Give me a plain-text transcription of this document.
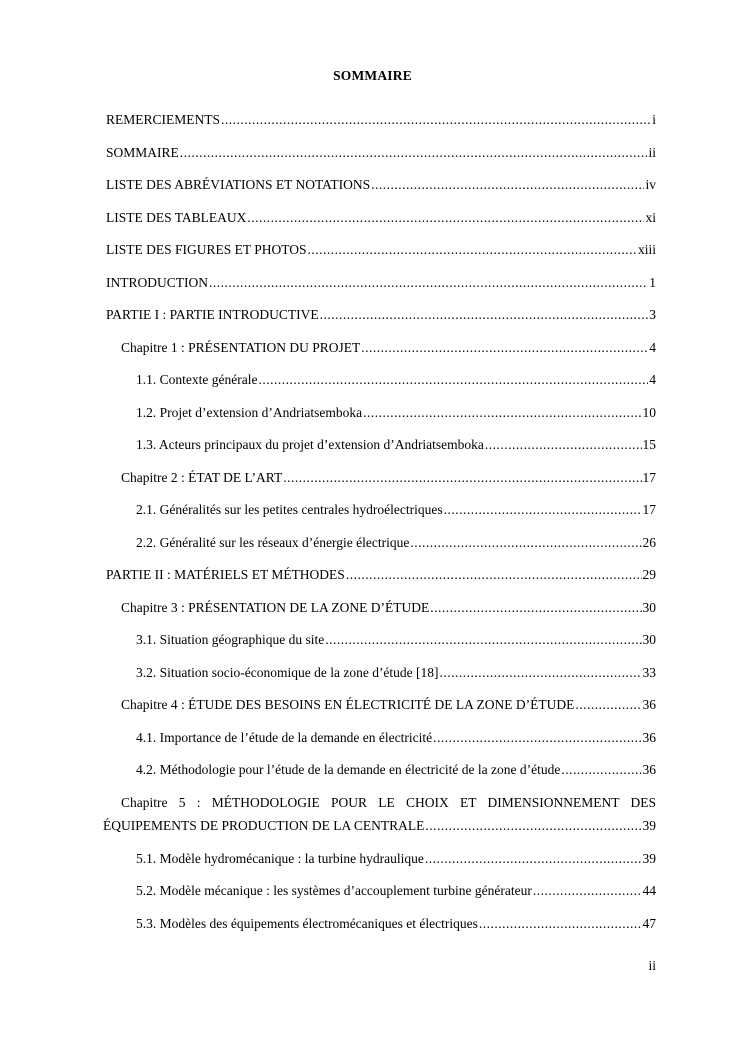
SOMMAIRE
REMERCIEMENTS .....	i
SOMMAIRE .....	ii
LISTE DES ABRÉVIATIONS ET NOTATIONS .....	iv
LISTE DES TABLEAUX .....	xi
LISTE DES FIGURES ET PHOTOS .....	xiii
INTRODUCTION .....	1
PARTIE I : PARTIE INTRODUCTIVE .....	3
Chapitre 1 : PRÉSENTATION DU PROJET .....	4
1.1. Contexte générale .....	4
1.2. Projet d’extension d’Andriatsemboka .....	10
1.3. Acteurs principaux du projet d’extension d’Andriatsemboka .....	15
Chapitre 2 : ÉTAT DE L’ART .....	17
2.1. Généralités sur les petites centrales hydroélectriques .....	17
2.2. Généralité sur les réseaux d’énergie électrique .....	26
PARTIE II : MATÉRIELS ET MÉTHODES .....	29
Chapitre 3 : PRÉSENTATION DE LA ZONE D’ÉTUDE .....	30
3.1. Situation géographique du site .....	30
3.2. Situation socio-économique de la zone d’étude [18] .....	33
Chapitre 4 : ÉTUDE DES BESOINS EN ÉLECTRICITÉ DE LA ZONE D’ÉTUDE .....	36
4.1. Importance de l’étude de la demande en électricité .....	36
4.2. Méthodologie pour l’étude de la demande en électricité de la zone d’étude .....	36
Chapitre 5 : MÉTHODOLOGIE POUR LE CHOIX ET DIMENSIONNEMENT DES
ÉQUIPEMENTS DE PRODUCTION DE LA CENTRALE .....	39
5.1. Modèle hydromécanique : la turbine hydraulique .....	39
5.2. Modèle mécanique : les systèmes d’accouplement turbine générateur .....	44
5.3. Modèles des équipements électromécaniques et électriques .....	47
ii
